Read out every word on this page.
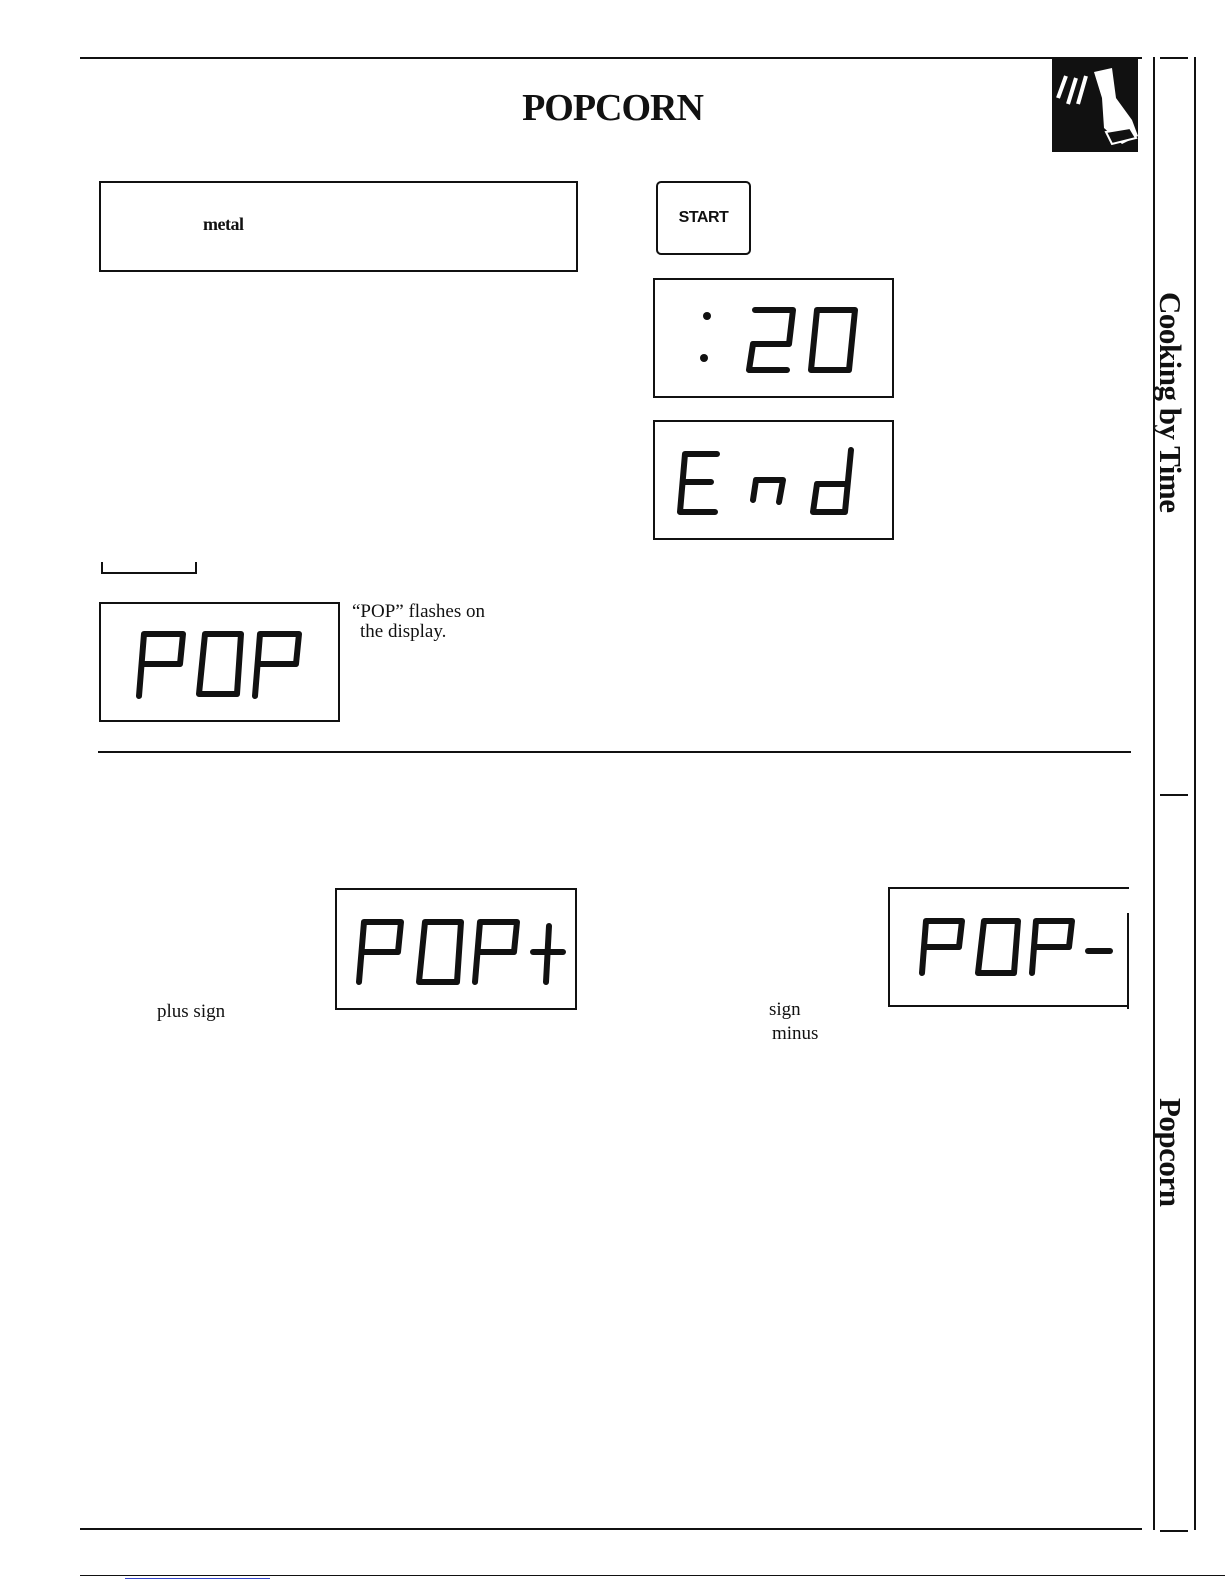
Cooking by Time
Popcorn
POPCORN
metal	START
“POP” flashes on
the display.
plus sign	sign
minus
